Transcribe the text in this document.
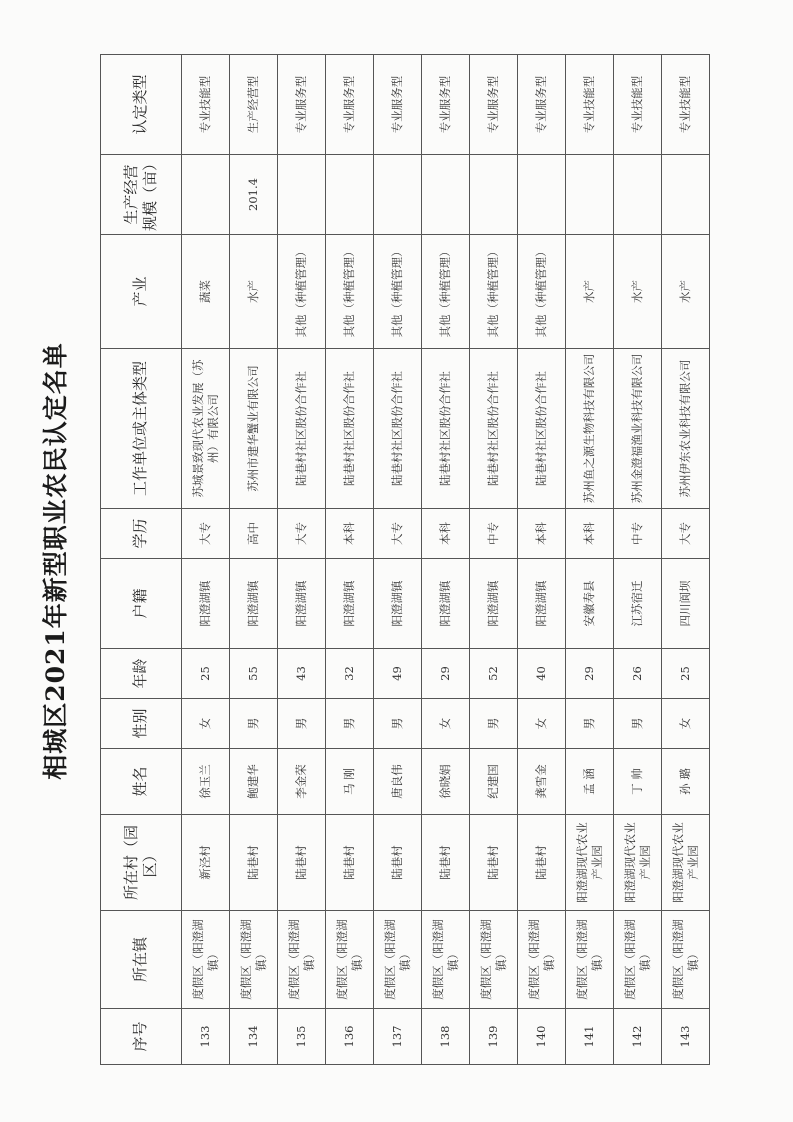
相城区2021年新型职业农民认定名单
序号	所在镇	所在村（园区）	姓名	性别	年龄	户籍	学历	工作单位或主体类型	产业	生产经营规模（亩）	认定类型
133	度假区（阳澄湖镇）	新泾村	徐玉兰	女	25	阳澄湖镇	大专	苏城景致现代农业发展（苏州）有限公司	蔬菜		专业技能型
134	度假区（阳澄湖镇）	陆巷村	鲍建华	男	55	阳澄湖镇	高中	苏州市建华蟹业有限公司	水产	201.4	生产经营型
135	度假区（阳澄湖镇）	陆巷村	李金荣	男	43	阳澄湖镇	大专	陆巷村社区股份合作社	其他（种植管理）		专业服务型
136	度假区（阳澄湖镇）	陆巷村	马 刚	男	32	阳澄湖镇	本科	陆巷村社区股份合作社	其他（种植管理）		专业服务型
137	度假区（阳澄湖镇）	陆巷村	唐良伟	男	49	阳澄湖镇	大专	陆巷村社区股份合作社	其他（种植管理）		专业服务型
138	度假区（阳澄湖镇）	陆巷村	徐晓娟	女	29	阳澄湖镇	本科	陆巷村社区股份合作社	其他（种植管理）		专业服务型
139	度假区（阳澄湖镇）	陆巷村	纪建国	男	52	阳澄湖镇	中专	陆巷村社区股份合作社	其他（种植管理）		专业服务型
140	度假区（阳澄湖镇）	陆巷村	龚雪金	女	40	阳澄湖镇	本科	陆巷村社区股份合作社	其他（种植管理）		专业服务型
141	度假区（阳澄湖镇）	阳澄湖现代农业产业园	孟 涵	男	29	安徽寿县	本科	苏州鱼之源生物科技有限公司	水产		专业技能型
142	度假区（阳澄湖镇）	阳澄湖现代农业产业园	丁 帅	男	26	江苏宿迁	中专	苏州金澄福渔业科技有限公司	水产		专业技能型
143	度假区（阳澄湖镇）	阳澄湖现代农业产业园	孙 璐	女	25	四川阆坝	大专	苏州伊东农业科技有限公司	水产		专业技能型
